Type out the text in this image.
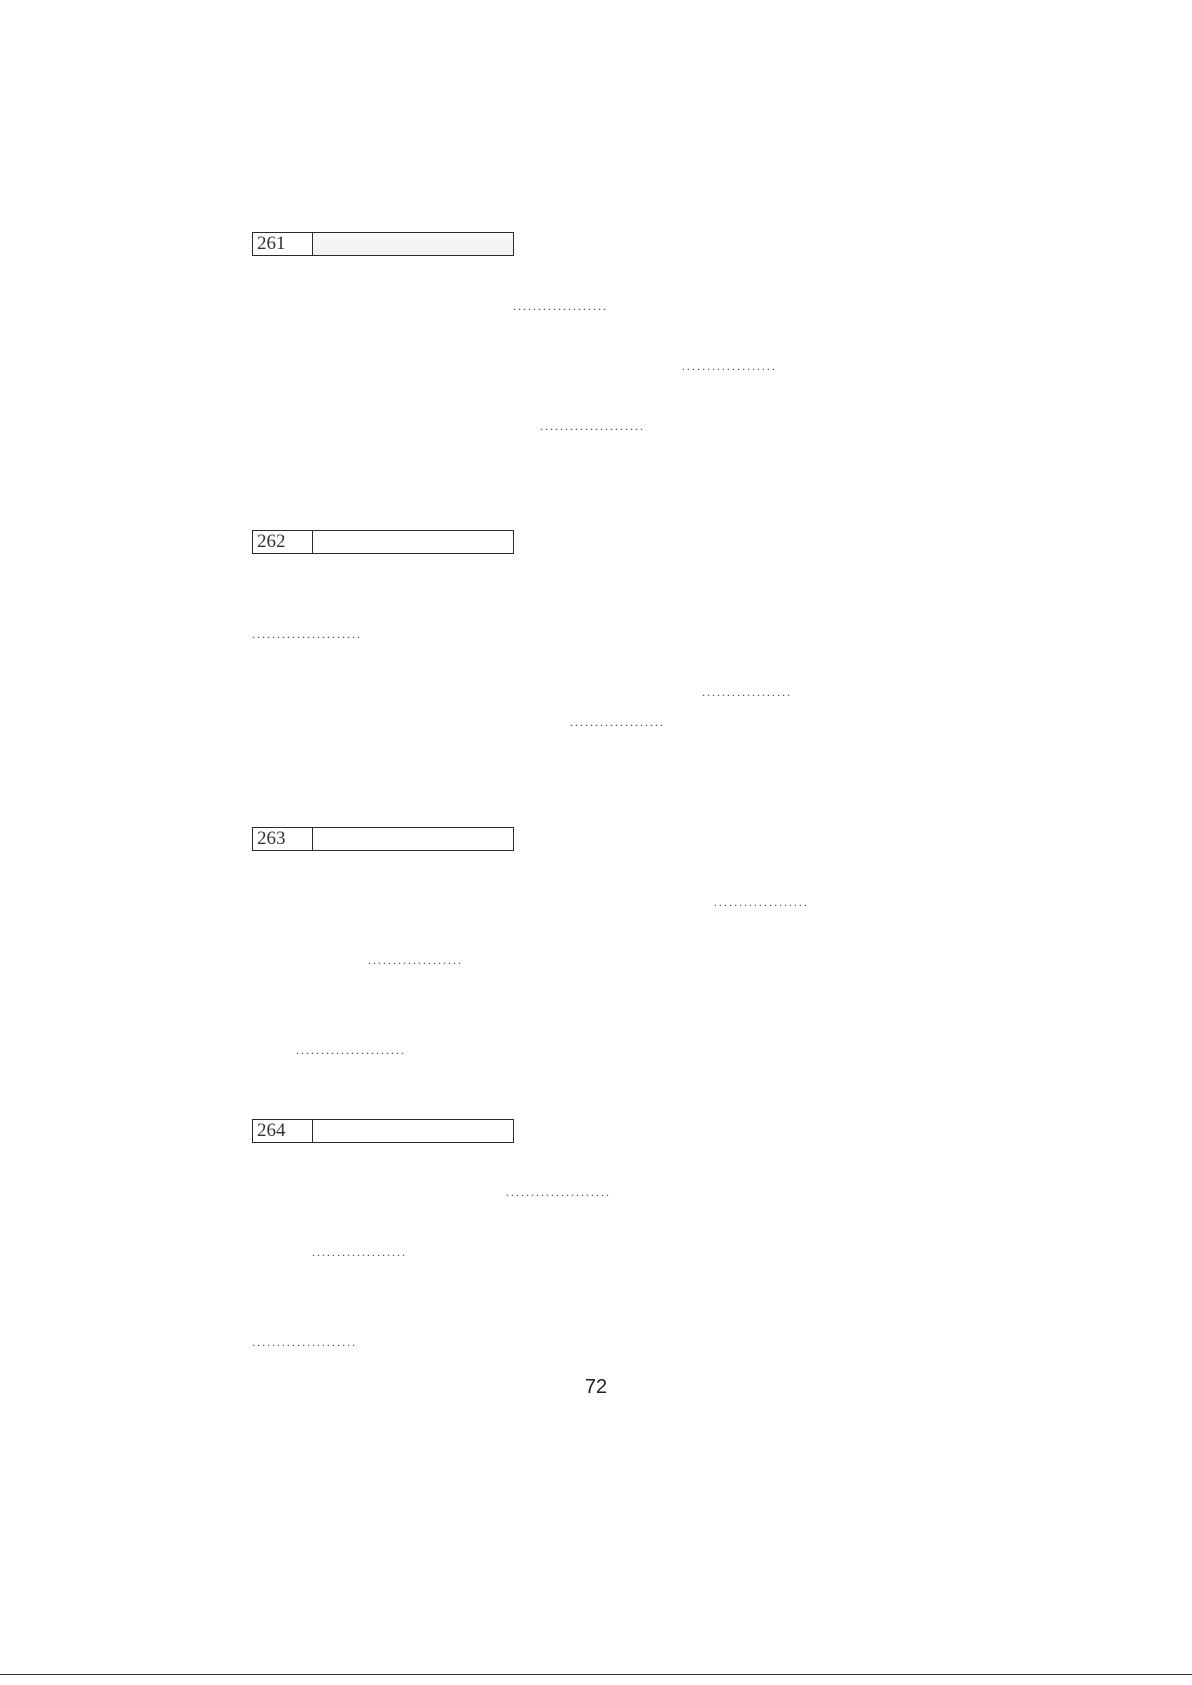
261
...................
...................
.....................
262
......................
..................
...................
263
...................
...................
......................
264
.....................
...................
.....................
72
